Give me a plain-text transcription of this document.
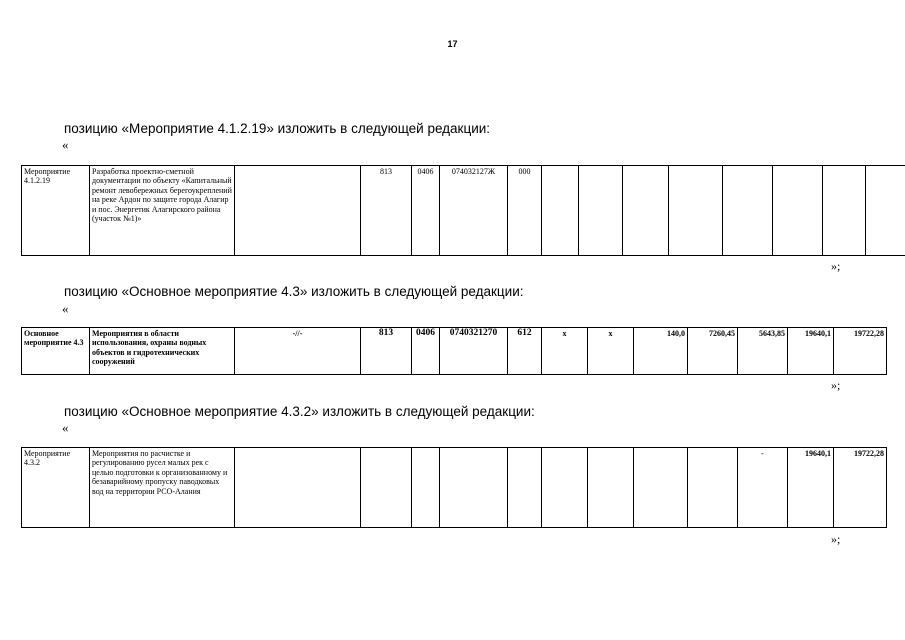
17
позицию «Мероприятие 4.1.2.19» изложить в следующей редакции:
«
Мероприятие 4.1.2.19	Разработка проектно-сметной документации по объекту «Капитальный ремонт левобережных берегоукреплений на реке Ардон по защите города Алагир и пос. Энергетик Алагирского района (участок №1)»		813	0406	074032127Ж	000								
»;
позицию «Основное мероприятие 4.3» изложить в следующей редакции:
«
Основное мероприятие 4.3	Мероприятия в области использования, охраны водных объектов и гидротехнических сооружений	-//-	813	0406	0740321270	612	х	х	140,0	7260,45	5643,85	19640,1	19722,28
»;
позицию «Основное мероприятие 4.3.2» изложить в следующей редакции:
«
Мероприятие 4.3.2	Мероприятия по расчистке и регулированию русел малых рек с целью подготовки к организованному и безаварийному пропуску паводковых вод на территории РСО-Алания										-	19640,1	19722,28
»;
